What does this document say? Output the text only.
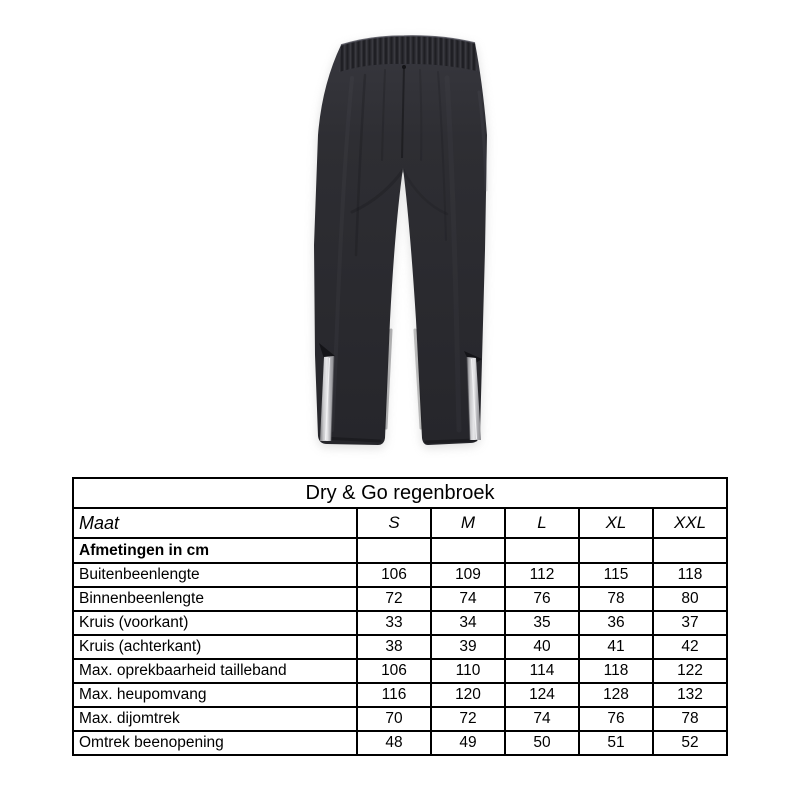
Dry & Go regenbroek					
Maat	S	M	L	XL	XXL
Afmetingen in cm					
Buitenbeenlengte	106	109	112	115	118
Binnenbeenlengte	72	74	76	78	80
Kruis (voorkant)	33	34	35	36	37
Kruis (achterkant)	38	39	40	41	42
Max. oprekbaarheid tailleband	106	110	114	118	122
Max. heupomvang	116	120	124	128	132
Max. dijomtrek	70	72	74	76	78
Omtrek beenopening	48	49	50	51	52
